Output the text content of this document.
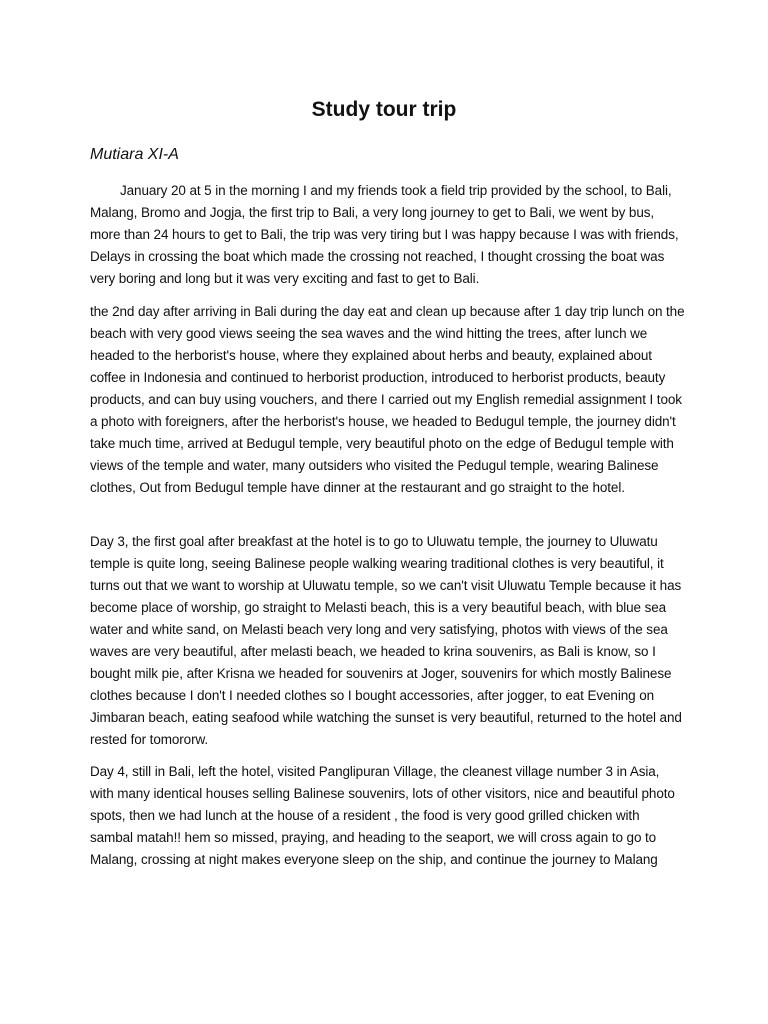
Study tour trip

Mutiara XI-A

January 20 at 5 in the morning I and my friends took a field trip provided by the school, to Bali, Malang, Bromo and Jogja, the first trip to Bali, a very long journey to get to Bali, we went by bus, more than 24 hours to get to Bali, the trip was very tiring but I was happy because I was with friends, Delays in crossing the boat which made the crossing not reached, I thought crossing the boat was very boring and long but it was very exciting and fast to get to Bali.

the 2nd day after arriving in Bali during the day eat and clean up because after 1 day trip lunch on the beach with very good views seeing the sea waves and the wind hitting the trees, after lunch we headed to the herborist's house, where they explained about herbs and beauty, explained about coffee in Indonesia and continued to herborist production, introduced to herborist products, beauty products, and can buy using vouchers, and there I carried out my English remedial assignment I took a photo with foreigners, after the herborist's house, we headed to Bedugul temple, the journey didn't take much time, arrived at Bedugul temple, very beautiful photo on the edge of Bedugul temple with views of the temple and water, many outsiders who visited the Pedugul temple, wearing Balinese clothes, Out from Bedugul temple have dinner at the restaurant and go straight to the hotel.

Day 3, the first goal after breakfast at the hotel is to go to Uluwatu temple, the journey to Uluwatu temple is quite long, seeing Balinese people walking wearing traditional clothes is very beautiful, it turns out that we want to worship at Uluwatu temple, so we can't visit Uluwatu Temple because it has become place of worship, go straight to Melasti beach, this is a very beautiful beach, with blue sea water and white sand, on Melasti beach very long and very satisfying, photos with views of the sea waves are very beautiful, after melasti beach, we headed to krina souvenirs, as Bali is know, so I bought milk pie, after Krisna we headed for souvenirs at Joger, souvenirs for which mostly Balinese clothes because I don't I needed clothes so I bought accessories, after jogger, to eat Evening on Jimbaran beach, eating seafood while watching the sunset is very beautiful, returned to the hotel and rested for tomororw.

Day 4, still in Bali, left the hotel, visited Panglipuran Village, the cleanest village number 3 in Asia, with many identical houses selling Balinese souvenirs, lots of other visitors, nice and beautiful photo spots, then we had lunch at the house of a resident , the food is very good grilled chicken with sambal matah!! hem so missed, praying, and heading to the seaport, we will cross again to go to Malang, crossing at night makes everyone sleep on the ship, and continue the journey to Malang
